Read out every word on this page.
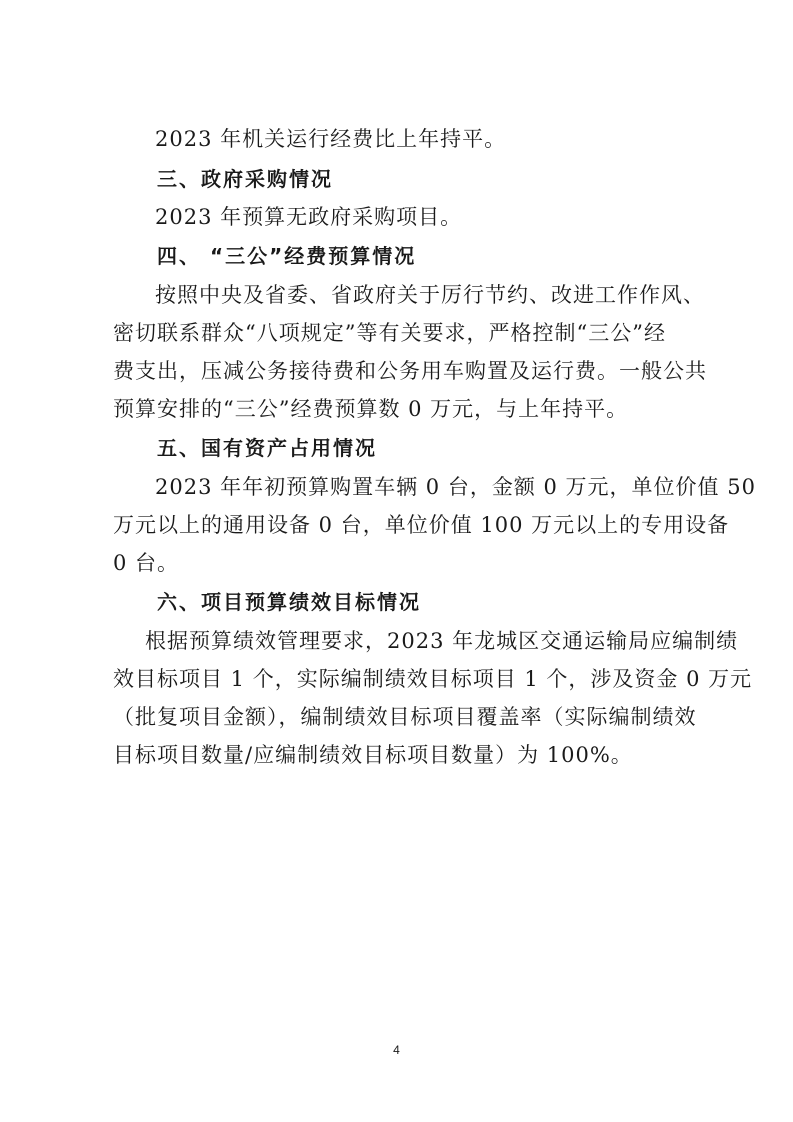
2023 年机关运行经费比上年持平。
三、政府采购情况
2023 年预算无政府采购项目。
四、 “三公”经费预算情况
按照中央及省委、省政府关于厉行节约、改进工作作风、
密切联系群众“八项规定”等有关要求，严格控制“三公”经
费支出，压减公务接待费和公务用车购置及运行费。一般公共
预算安排的“三公”经费预算数 0 万元，与上年持平。
五、国有资产占用情况
2023 年年初预算购置车辆 0 台，金额 0 万元，单位价值 50
万元以上的通用设备 0 台，单位价值 100 万元以上的专用设备
0 台。
六、项目预算绩效目标情况
根据预算绩效管理要求，2023 年龙城区交通运输局应编制绩
效目标项目 1 个，实际编制绩效目标项目 1 个，涉及资金 0 万元
（批复项目金额），编制绩效目标项目覆盖率（实际编制绩效
目标项目数量/应编制绩效目标项目数量）为 100%。
4
